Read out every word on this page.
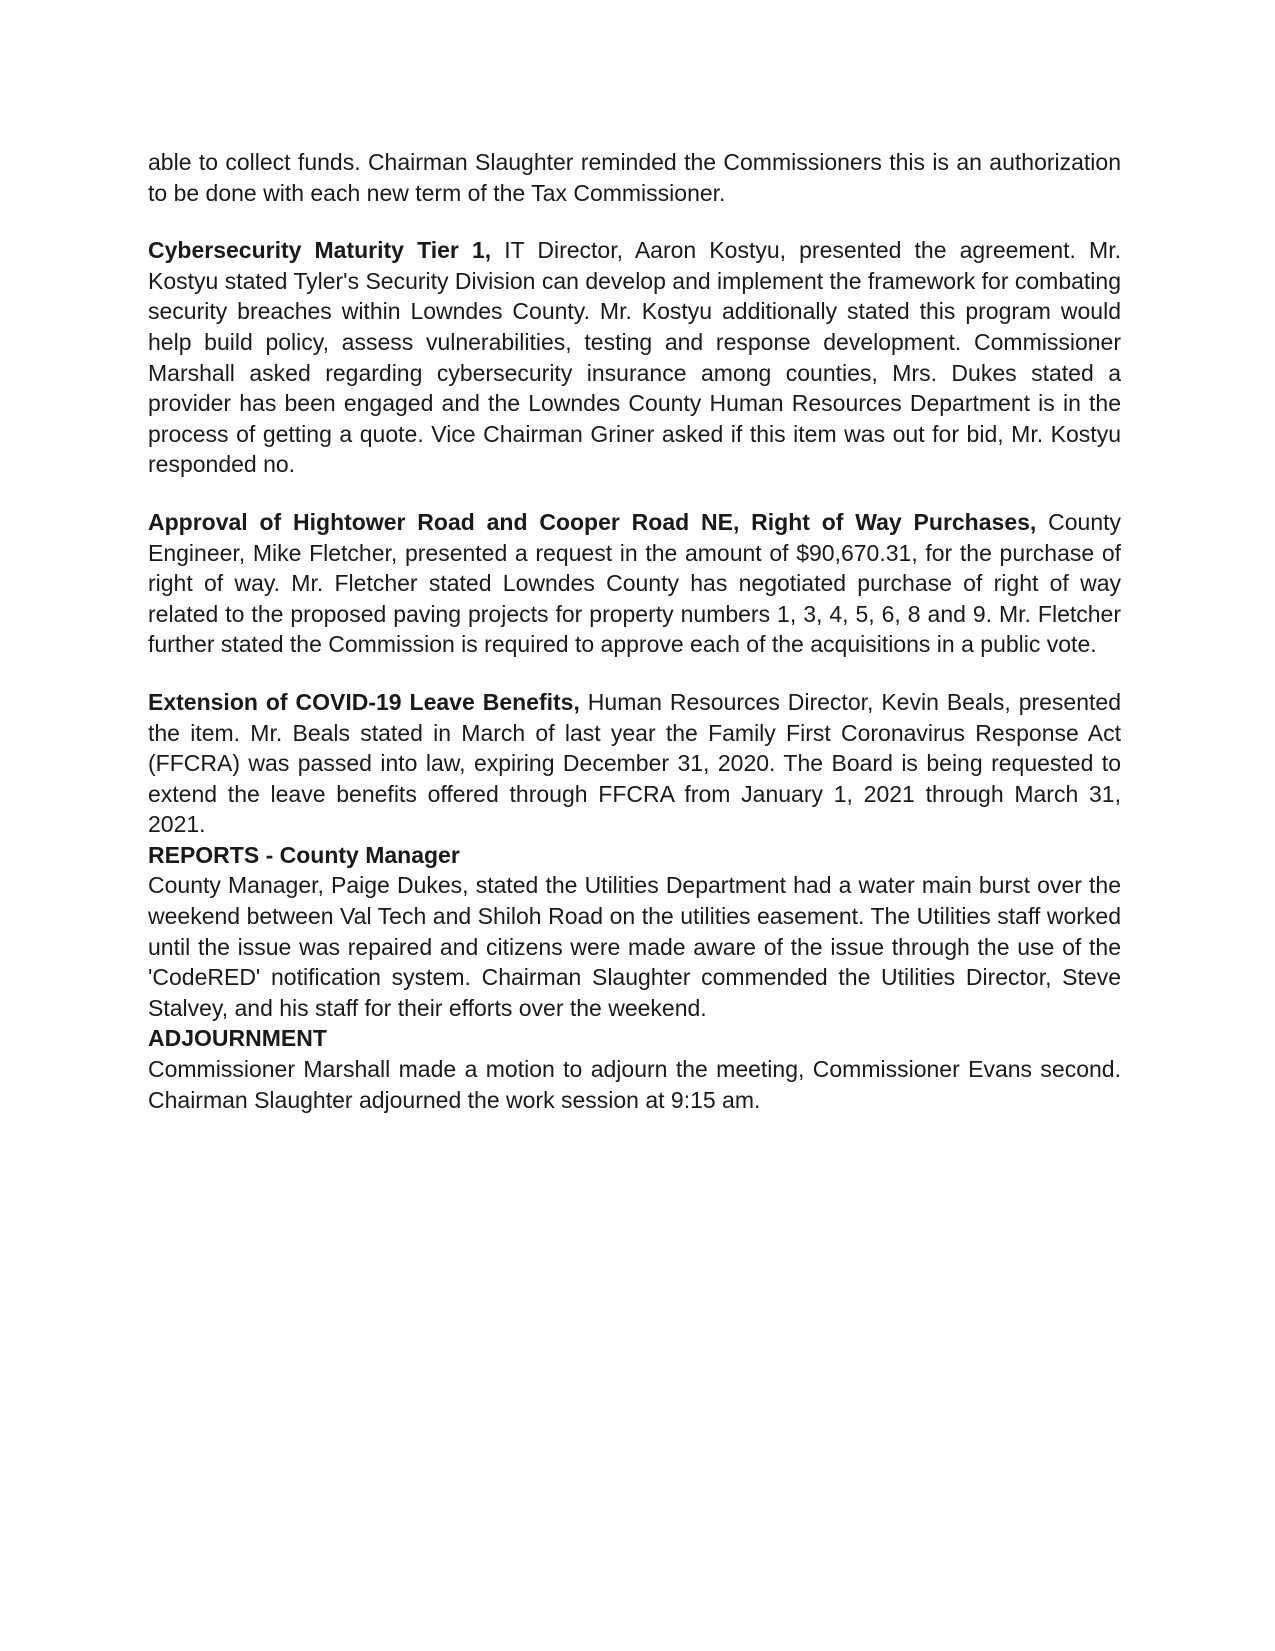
able to collect funds. Chairman Slaughter reminded the Commissioners this is an authorization to be done with each new term of the Tax Commissioner.

Cybersecurity Maturity Tier 1, IT Director, Aaron Kostyu, presented the agreement. Mr. Kostyu stated Tyler's Security Division can develop and implement the framework for combating security breaches within Lowndes County. Mr. Kostyu additionally stated this program would help build policy, assess vulnerabilities, testing and response development. Commissioner Marshall asked regarding cybersecurity insurance among counties, Mrs. Dukes stated a provider has been engaged and the Lowndes County Human Resources Department is in the process of getting a quote. Vice Chairman Griner asked if this item was out for bid, Mr. Kostyu responded no.

Approval of Hightower Road and Cooper Road NE, Right of Way Purchases, County Engineer, Mike Fletcher, presented a request in the amount of $90,670.31, for the purchase of right of way. Mr. Fletcher stated Lowndes County has negotiated purchase of right of way related to the proposed paving projects for property numbers 1, 3, 4, 5, 6, 8 and 9. Mr. Fletcher further stated the Commission is required to approve each of the acquisitions in a public vote.

Extension of COVID-19 Leave Benefits, Human Resources Director, Kevin Beals, presented the item. Mr. Beals stated in March of last year the Family First Coronavirus Response Act (FFCRA) was passed into law, expiring December 31, 2020. The Board is being requested to extend the leave benefits offered through FFCRA from January 1, 2021 through March 31, 2021.

REPORTS - County Manager

County Manager, Paige Dukes, stated the Utilities Department had a water main burst over the weekend between Val Tech and Shiloh Road on the utilities easement. The Utilities staff worked until the issue was repaired and citizens were made aware of the issue through the use of the 'CodeRED' notification system. Chairman Slaughter commended the Utilities Director, Steve Stalvey, and his staff for their efforts over the weekend.

ADJOURNMENT

Commissioner Marshall made a motion to adjourn the meeting, Commissioner Evans second. Chairman Slaughter adjourned the work session at 9:15 am.
